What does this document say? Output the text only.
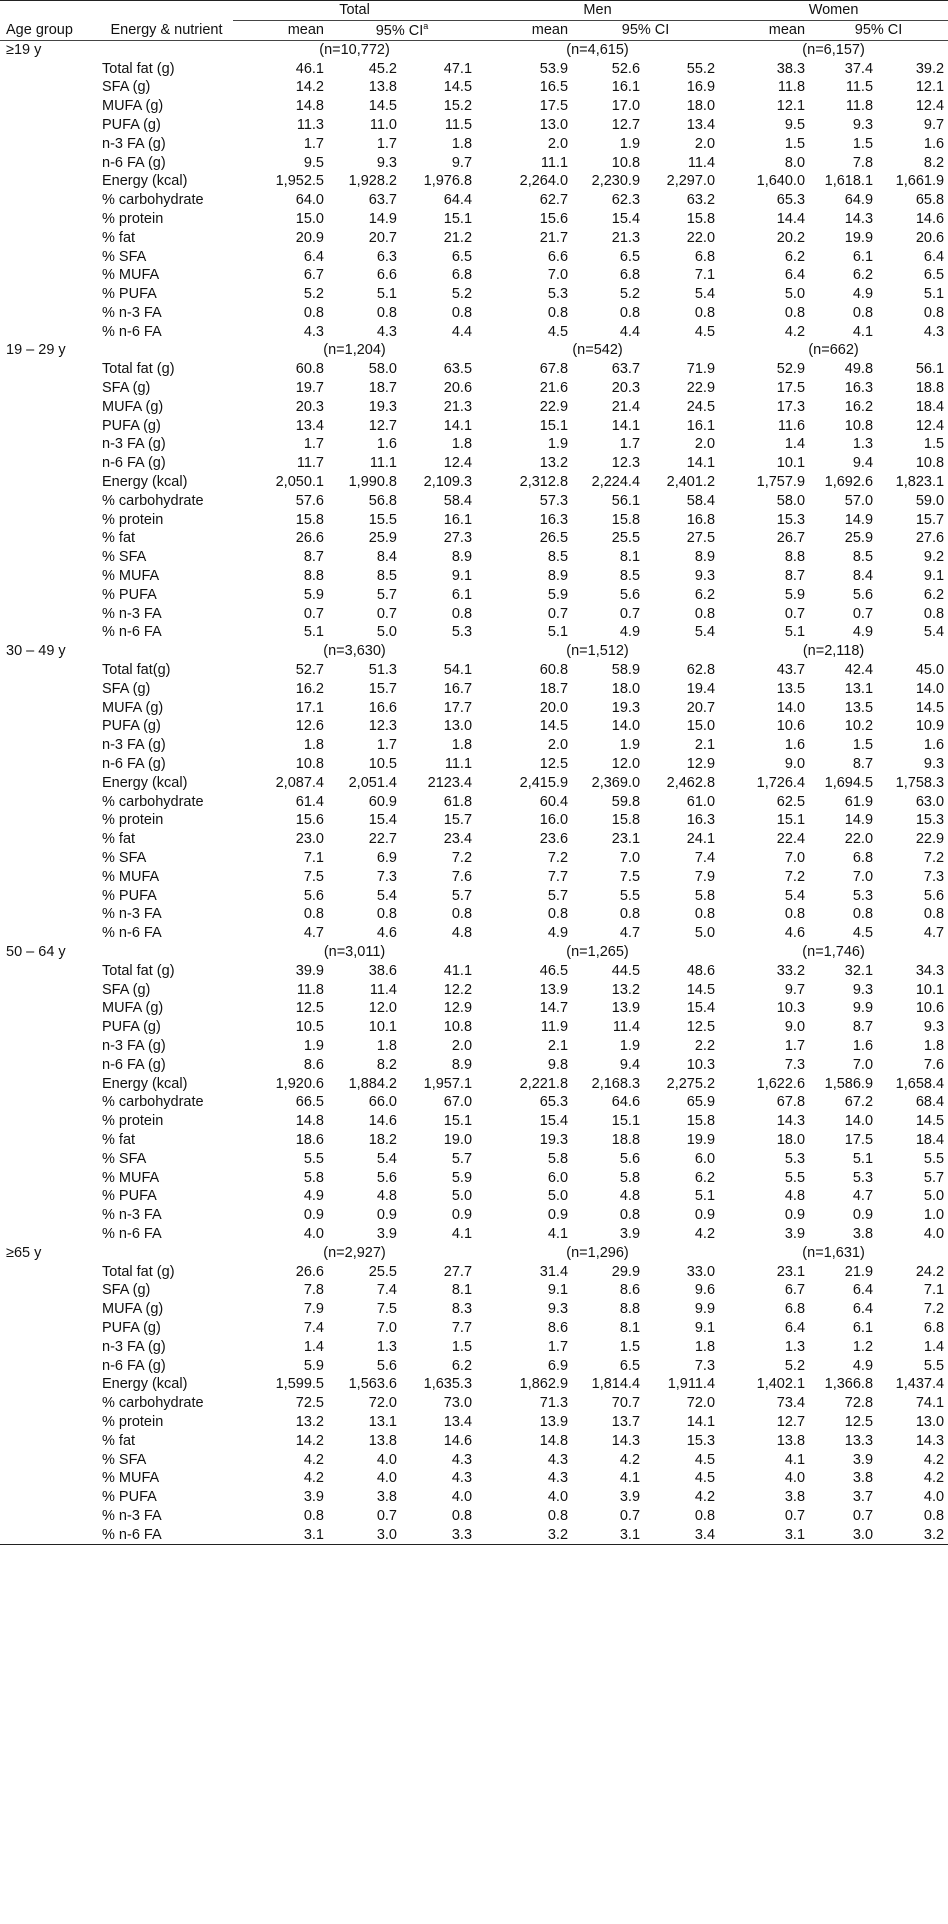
		Total			Men			Women		
Age group	Energy & nutrient	mean	95% $CI^a$		mean	95% CI		mean	95% CI	
≥19 y		(n=10,772)			(n=4,615)			(n=6,157)		
	Total fat (g)	46.1	45.2	47.1	53.9	52.6	55.2	38.3	37.4	39.2
	SFA (g)	14.2	13.8	14.5	16.5	16.1	16.9	11.8	11.5	12.1
	MUFA (g)	14.8	14.5	15.2	17.5	17.0	18.0	12.1	11.8	12.4
	PUFA (g)	11.3	11.0	11.5	13.0	12.7	13.4	9.5	9.3	9.7
	n-3 FA (g)	1.7	1.7	1.8	2.0	1.9	2.0	1.5	1.5	1.6
	n-6 FA (g)	9.5	9.3	9.7	11.1	10.8	11.4	8.0	7.8	8.2
	Energy (kcal)	1,952.5	1,928.2	1,976.8	2,264.0	2,230.9	2,297.0	1,640.0	1,618.1	1,661.9
	% carbohydrate	64.0	63.7	64.4	62.7	62.3	63.2	65.3	64.9	65.8
	% protein	15.0	14.9	15.1	15.6	15.4	15.8	14.4	14.3	14.6
	% fat	20.9	20.7	21.2	21.7	21.3	22.0	20.2	19.9	20.6
	% SFA	6.4	6.3	6.5	6.6	6.5	6.8	6.2	6.1	6.4
	% MUFA	6.7	6.6	6.8	7.0	6.8	7.1	6.4	6.2	6.5
	% PUFA	5.2	5.1	5.2	5.3	5.2	5.4	5.0	4.9	5.1
	% n-3 FA	0.8	0.8	0.8	0.8	0.8	0.8	0.8	0.8	0.8
	% n-6 FA	4.3	4.3	4.4	4.5	4.4	4.5	4.2	4.1	4.3
19 – 29 y		(n=1,204)			(n=542)			(n=662)		
	Total fat (g)	60.8	58.0	63.5	67.8	63.7	71.9	52.9	49.8	56.1
	SFA (g)	19.7	18.7	20.6	21.6	20.3	22.9	17.5	16.3	18.8
	MUFA (g)	20.3	19.3	21.3	22.9	21.4	24.5	17.3	16.2	18.4
	PUFA (g)	13.4	12.7	14.1	15.1	14.1	16.1	11.6	10.8	12.4
	n-3 FA (g)	1.7	1.6	1.8	1.9	1.7	2.0	1.4	1.3	1.5
	n-6 FA (g)	11.7	11.1	12.4	13.2	12.3	14.1	10.1	9.4	10.8
	Energy (kcal)	2,050.1	1,990.8	2,109.3	2,312.8	2,224.4	2,401.2	1,757.9	1,692.6	1,823.1
	% carbohydrate	57.6	56.8	58.4	57.3	56.1	58.4	58.0	57.0	59.0
	% protein	15.8	15.5	16.1	16.3	15.8	16.8	15.3	14.9	15.7
	% fat	26.6	25.9	27.3	26.5	25.5	27.5	26.7	25.9	27.6
	% SFA	8.7	8.4	8.9	8.5	8.1	8.9	8.8	8.5	9.2
	% MUFA	8.8	8.5	9.1	8.9	8.5	9.3	8.7	8.4	9.1
	% PUFA	5.9	5.7	6.1	5.9	5.6	6.2	5.9	5.6	6.2
	% n-3 FA	0.7	0.7	0.8	0.7	0.7	0.8	0.7	0.7	0.8
	% n-6 FA	5.1	5.0	5.3	5.1	4.9	5.4	5.1	4.9	5.4
30 – 49 y		(n=3,630)			(n=1,512)			(n=2,118)		
	Total fat(g)	52.7	51.3	54.1	60.8	58.9	62.8	43.7	42.4	45.0
	SFA (g)	16.2	15.7	16.7	18.7	18.0	19.4	13.5	13.1	14.0
	MUFA (g)	17.1	16.6	17.7	20.0	19.3	20.7	14.0	13.5	14.5
	PUFA (g)	12.6	12.3	13.0	14.5	14.0	15.0	10.6	10.2	10.9
	n-3 FA (g)	1.8	1.7	1.8	2.0	1.9	2.1	1.6	1.5	1.6
	n-6 FA (g)	10.8	10.5	11.1	12.5	12.0	12.9	9.0	8.7	9.3
	Energy (kcal)	2,087.4	2,051.4	2123.4	2,415.9	2,369.0	2,462.8	1,726.4	1,694.5	1,758.3
	% carbohydrate	61.4	60.9	61.8	60.4	59.8	61.0	62.5	61.9	63.0
	% protein	15.6	15.4	15.7	16.0	15.8	16.3	15.1	14.9	15.3
	% fat	23.0	22.7	23.4	23.6	23.1	24.1	22.4	22.0	22.9
	% SFA	7.1	6.9	7.2	7.2	7.0	7.4	7.0	6.8	7.2
	% MUFA	7.5	7.3	7.6	7.7	7.5	7.9	7.2	7.0	7.3
	% PUFA	5.6	5.4	5.7	5.7	5.5	5.8	5.4	5.3	5.6
	% n-3 FA	0.8	0.8	0.8	0.8	0.8	0.8	0.8	0.8	0.8
	% n-6 FA	4.7	4.6	4.8	4.9	4.7	5.0	4.6	4.5	4.7
50 – 64 y		(n=3,011)			(n=1,265)			(n=1,746)		
	Total fat (g)	39.9	38.6	41.1	46.5	44.5	48.6	33.2	32.1	34.3
	SFA (g)	11.8	11.4	12.2	13.9	13.2	14.5	9.7	9.3	10.1
	MUFA (g)	12.5	12.0	12.9	14.7	13.9	15.4	10.3	9.9	10.6
	PUFA (g)	10.5	10.1	10.8	11.9	11.4	12.5	9.0	8.7	9.3
	n-3 FA (g)	1.9	1.8	2.0	2.1	1.9	2.2	1.7	1.6	1.8
	n-6 FA (g)	8.6	8.2	8.9	9.8	9.4	10.3	7.3	7.0	7.6
	Energy (kcal)	1,920.6	1,884.2	1,957.1	2,221.8	2,168.3	2,275.2	1,622.6	1,586.9	1,658.4
	% carbohydrate	66.5	66.0	67.0	65.3	64.6	65.9	67.8	67.2	68.4
	% protein	14.8	14.6	15.1	15.4	15.1	15.8	14.3	14.0	14.5
	% fat	18.6	18.2	19.0	19.3	18.8	19.9	18.0	17.5	18.4
	% SFA	5.5	5.4	5.7	5.8	5.6	6.0	5.3	5.1	5.5
	% MUFA	5.8	5.6	5.9	6.0	5.8	6.2	5.5	5.3	5.7
	% PUFA	4.9	4.8	5.0	5.0	4.8	5.1	4.8	4.7	5.0
	% n-3 FA	0.9	0.9	0.9	0.9	0.8	0.9	0.9	0.9	1.0
	% n-6 FA	4.0	3.9	4.1	4.1	3.9	4.2	3.9	3.8	4.0
≥65 y		(n=2,927)			(n=1,296)			(n=1,631)		
	Total fat (g)	26.6	25.5	27.7	31.4	29.9	33.0	23.1	21.9	24.2
	SFA (g)	7.8	7.4	8.1	9.1	8.6	9.6	6.7	6.4	7.1
	MUFA (g)	7.9	7.5	8.3	9.3	8.8	9.9	6.8	6.4	7.2
	PUFA (g)	7.4	7.0	7.7	8.6	8.1	9.1	6.4	6.1	6.8
	n-3 FA (g)	1.4	1.3	1.5	1.7	1.5	1.8	1.3	1.2	1.4
	n-6 FA (g)	5.9	5.6	6.2	6.9	6.5	7.3	5.2	4.9	5.5
	Energy (kcal)	1,599.5	1,563.6	1,635.3	1,862.9	1,814.4	1,911.4	1,402.1	1,366.8	1,437.4
	% carbohydrate	72.5	72.0	73.0	71.3	70.7	72.0	73.4	72.8	74.1
	% protein	13.2	13.1	13.4	13.9	13.7	14.1	12.7	12.5	13.0
	% fat	14.2	13.8	14.6	14.8	14.3	15.3	13.8	13.3	14.3
	% SFA	4.2	4.0	4.3	4.3	4.2	4.5	4.1	3.9	4.2
	% MUFA	4.2	4.0	4.3	4.3	4.1	4.5	4.0	3.8	4.2
	% PUFA	3.9	3.8	4.0	4.0	3.9	4.2	3.8	3.7	4.0
	% n-3 FA	0.8	0.7	0.8	0.8	0.7	0.8	0.7	0.7	0.8
	% n-6 FA	3.1	3.0	3.3	3.2	3.1	3.4	3.1	3.0	3.2
